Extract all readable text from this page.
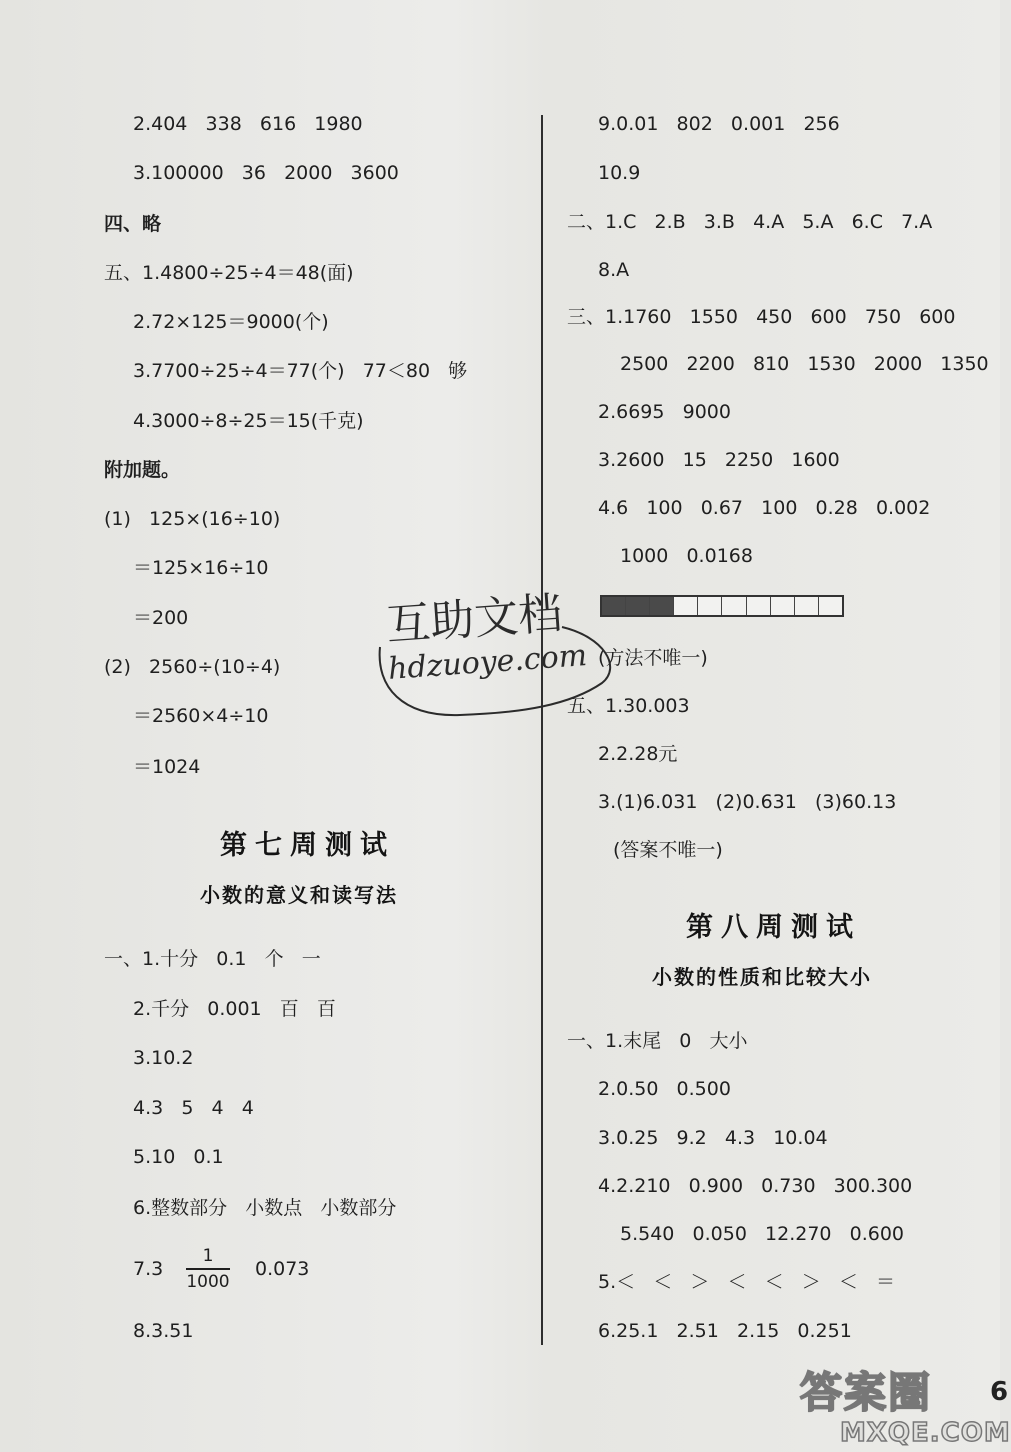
2.404   338   616   1980
3.100000   36   2000   3600
四、略
五、1.4800÷25÷4＝48(面)
2.72×125＝9000(个)
3.7700÷25÷4＝77(个)   77＜80   够
4.3000÷8÷25＝15(千克)
附加题。
(1)   125×(16÷10)
＝125×16÷10
＝200
(2)   2560÷(10÷4)
＝2560×4÷10
＝1024
第七周测试
小数的意义和读写法
一、1.十分   0.1   个   一
2.千分   0.001   百   百
3.10.2
4.3   5   4   4
5.10   0.1
6.整数部分   小数点   小数部分
7.3
1
1000
0.073
8.3.51
9.0.01   802   0.001   256
10.9
二、1.C   2.B   3.B   4.A   5.A   6.C   7.A
8.A
三、1.1760   1550   450   600   750   600
2500   2200   810   1530   2000   1350
2.6695   9000
3.2600   15   2250   1600
4.6   100   0.67   100   0.28   0.002
1000   0.0168
(方法不唯一)
五、1.30.003
2.2.28元
3.(1)6.031   (2)0.631   (3)60.13
(答案不唯一)
第八周测试
小数的性质和比较大小
一、1.末尾   0   大小
2.0.50   0.500
3.0.25   9.2   4.3   10.04
4.2.210   0.900   0.730   300.300
5.540   0.050   12.270   0.600
5.＜   ＜   ＞   ＜   ＜   ＞   ＜   ＝
6.25.1   2.51   2.15   0.251
互助文档
hdzuoye.com
答案圈
MXQE.COM
6
